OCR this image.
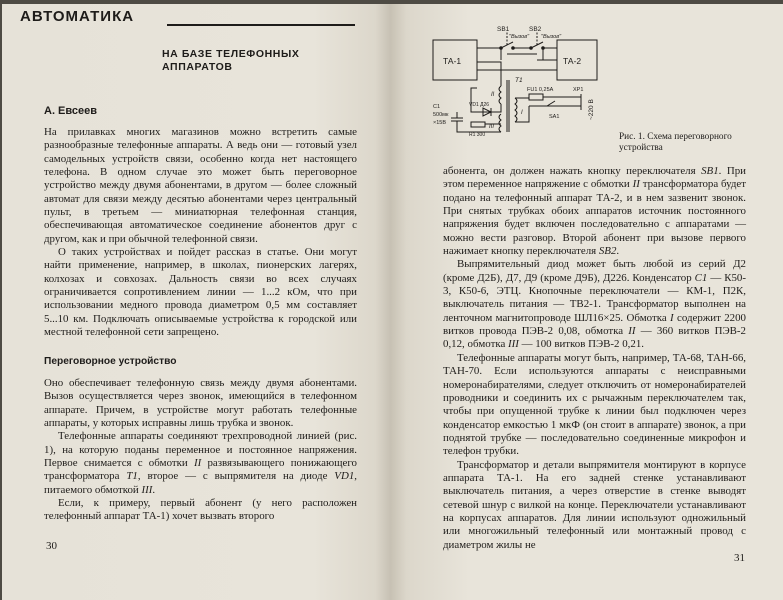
АВТОМАТИКА
НА БАЗЕ ТЕЛЕФОННЫХ
АППАРАТОВ
А. Евсеев

На прилавках многих магазинов можно встретить самые разнообразные телефонные аппараты. А ведь они — готовый узел самодельных устройств связи, особенно когда нет настоящего телефона. В одном случае это может быть переговорное устройство между двумя абонентами, в другом — более сложный автомат для связи между десятью абонентами через центральный пульт, в третьем — миниатюрная телефонная станция, обеспечивающая автоматическое соединение абонентов друг с другом, как и при обычной телефонной связи.

О таких устройствах и пойдет рассказ в статье. Они могут найти применение, например, в школах, пионерских лагерях, колхозах и совхозах. Дальность связи во всех случаях ограничивается сопротивлением линии — 1...2 кОм, что при использовании медного провода диаметром 0,5 мм составляет 5...10 км. Подключать описываемые устройства к городской или местной телефонной сети запрещено.

Переговорное устройство

Оно обеспечивает телефонную связь между двумя абонентами. Вызов осуществляется через звонок, имеющийся в телефонном аппарате. Причем, в устройстве могут работать телефонные аппараты, у которых исправны лишь трубка и звонок.

Телефонные аппараты соединяют трехпроводной линией (рис. 1), на которую поданы переменное и постоянное напряжения. Первое снимается с обмотки II развязывающего понижающего трансформатора T1, второе — с выпрямителя на диоде VD1, питаемого обмоткой III.

Если, к примеру, первый абонент (у него расположен телефонный аппарат ТА-1) хочет вызвать второго

30
ТА-1	ТА-2
SB1
"Вызов"
SB2
"Вызов"
T1
II
III
I
FU1 0,25А	XP1
SA1	~220 В
C1
500мк
×15В
VD1 Д26
R1 300	Рис. 1. Схема переговорного устройства

абонента, он должен нажать кнопку переключателя SB1. При этом переменное напряжение с обмотки II трансформатора будет подано на телефонный аппарат ТА-2, и в нем зазвенит звонок. При снятых трубках обоих аппаратов источник постоянного напряжения будет включен последовательно с аппаратами — можно вести разговор. Второй абонент при вызове первого нажимает кнопку переключателя SB2.

Выпрямительный диод может быть любой из серий Д2 (кроме Д2Б), Д7, Д9 (кроме Д9Б), Д226. Конденсатор C1 — К50-3, К50-6, ЭТЦ. Кнопочные переключатели — КМ-1, П2К, выключатель питания — ТВ2-1. Трансформатор выполнен на ленточном магнитопроводе ШЛ16×25. Обмотка I содержит 2200 витков провода ПЭВ-2 0,08, обмотка II — 360 витков ПЭВ-2 0,12, обмотка III — 100 витков ПЭВ-2 0,21.

Телефонные аппараты могут быть, например, ТА-68, ТАН-66, ТАН-70. Если используются аппараты с неисправными номеронабирателями, следует отключить от номеронабирателей проводники и соединить их с рычажным переключателем так, чтобы при опущенной трубке к линии был подключен через конденсатор емкостью 1 мкФ (он стоит в аппарате) звонок, а при поднятой трубке — последовательно соединенные микрофон и телефон трубки.

Трансформатор и детали выпрямителя монтируют в корпусе аппарата ТА-1. На его задней стенке устанавливают выключатель питания, а через отверстие в стенке выводят сетевой шнур с вилкой на конце. Переключатели устанавливают на корпусах аппаратов. Для линии используют одножильный или многожильный телефонный или монтажный провод с диаметром жилы не

31
